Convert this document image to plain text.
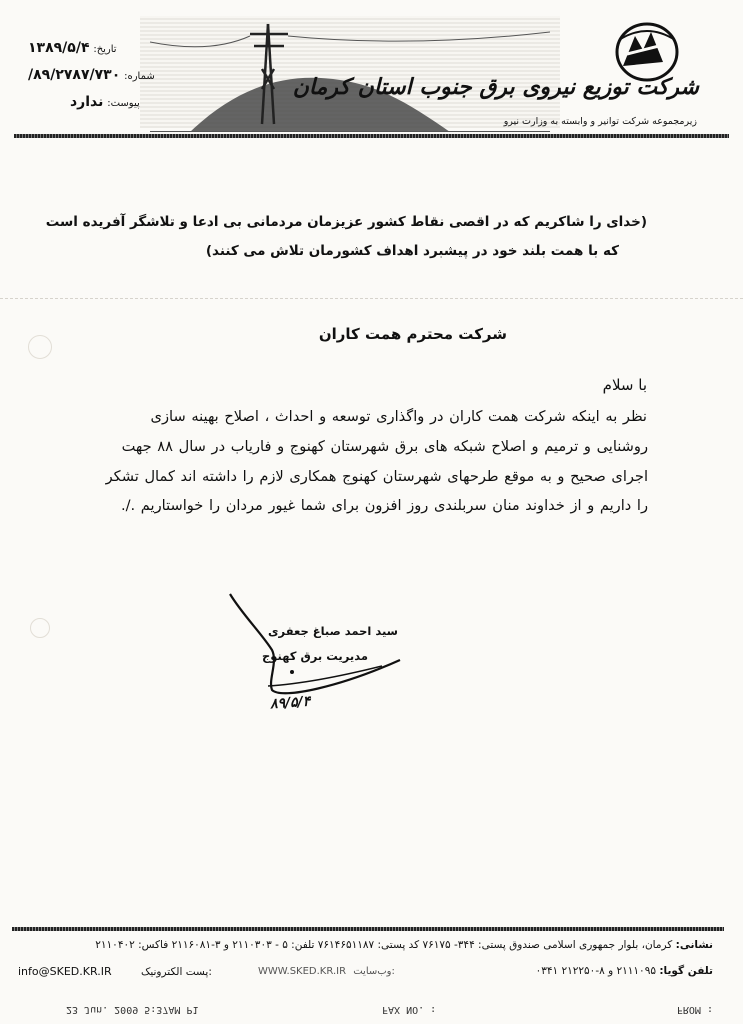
تاریخ: ۱۳۸۹/۵/۴
شماره: ۸۹/۲۷۸۷/۷۳۰/
پیوست: ندارد
شرکت توزیع نیروی برق جنوب استان کرمان
زیرمجموعه شرکت توانیر و وابسته به وزارت نیرو
(خدای را شاکریم که در اقصی نقاط کشور عزیزمان مردمانی بی ادعا و تلاشگر آفریده است
که با همت بلند خود در پیشبرد اهداف کشورمان تلاش می کنند)
شرکت محترم همت کاران
با سلام
نظر به اینکه شرکت همت کاران در واگذاری توسعه و احداث ، اصلاح بهینه سازی
روشنایی و ترمیم و اصلاح شبکه های برق شهرستان کهنوج و فاریاب در سال ۸۸ جهت
اجرای صحیح و به موقع طرحهای شهرستان کهنوج همکاری لازم را داشته اند کمال تشکر
را داریم و از خداوند منان سربلندی روز افزون برای شما غیور مردان را خواستاریم ./.
سید احمد صباغ جعفری
مدیریت برق کهنوج
۸۹/۵/۴
نشانی: کرمان، بلوار جمهوری اسلامی صندوق پستی: ۳۴۴- ۷۶۱۷۵ کد پستی: ۷۶۱۴۶۵۱۱۸۷ تلفن: ۵ - ۲۱۱۰۳۰۳ و ۳-۲۱۱۶۰۸۱ فاکس: ۲۱۱۰۴۰۲
تلفن گویا: ۲۱۱۱۰۹۵ و ۸-۲۱۲۲۵۰ ۰۳۴۱
WWW.SKED.KR.IR وب‌سایت:
info@SKED.KR.IR	پست الکترونیک:
FROM :
FAX NO. :
23 Jun. 2009 5:37AM P1
